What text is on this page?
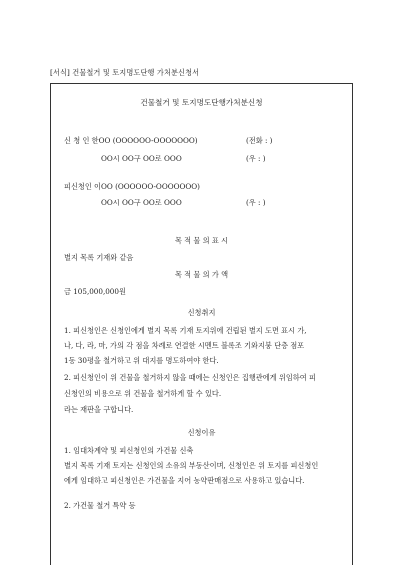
[서식] 건물철거 및 토지명도단행 가처분신청서
건물철거 및 토지명도단행가처분신청
신 청 인 한OO (OOOOOO-OOOOOOO)	(전화 : )
OO시 OO구 OO로 OOO	(우 : )
피신청인 이OO (OOOOOO-OOOOOOO)
OO시 OO구 OO로 OOO	(우 : )
목 적 물 의 표 시
별지 목록 기재와 같음
목 적 물 의 가 액
금 105,000,000원
신청취지
1. 피신청인은 신청인에게 별지 목록 기재 토지위에 건립된 별지 도면 표시 가,
나, 다, 라, 마, 가의 각 점을 차례로 연결한 시멘트 블록조 기와지붕 단층 점포
1동 30평을 철거하고 위 대지를 명도하여야 한다.
2. 피신청인이 위 건물을 철거하지 않을 때에는 신청인은 집행관에게 위임하여 피
신청인의 비용으로 위 건물을 철거하게 할 수 있다.
라는 재판을 구합니다.
신청이유
1. 임대차계약 및 피신청인의 가건물 신축
별지 목록 기재 토지는 신청인의 소유의 부동산이며, 신청인은 위 토지를 피신청인
에게 임대하고 피신청인은 가건물을 지어 농약판매점으로 사용하고 있습니다.
2. 가건물 철거 특약 등
